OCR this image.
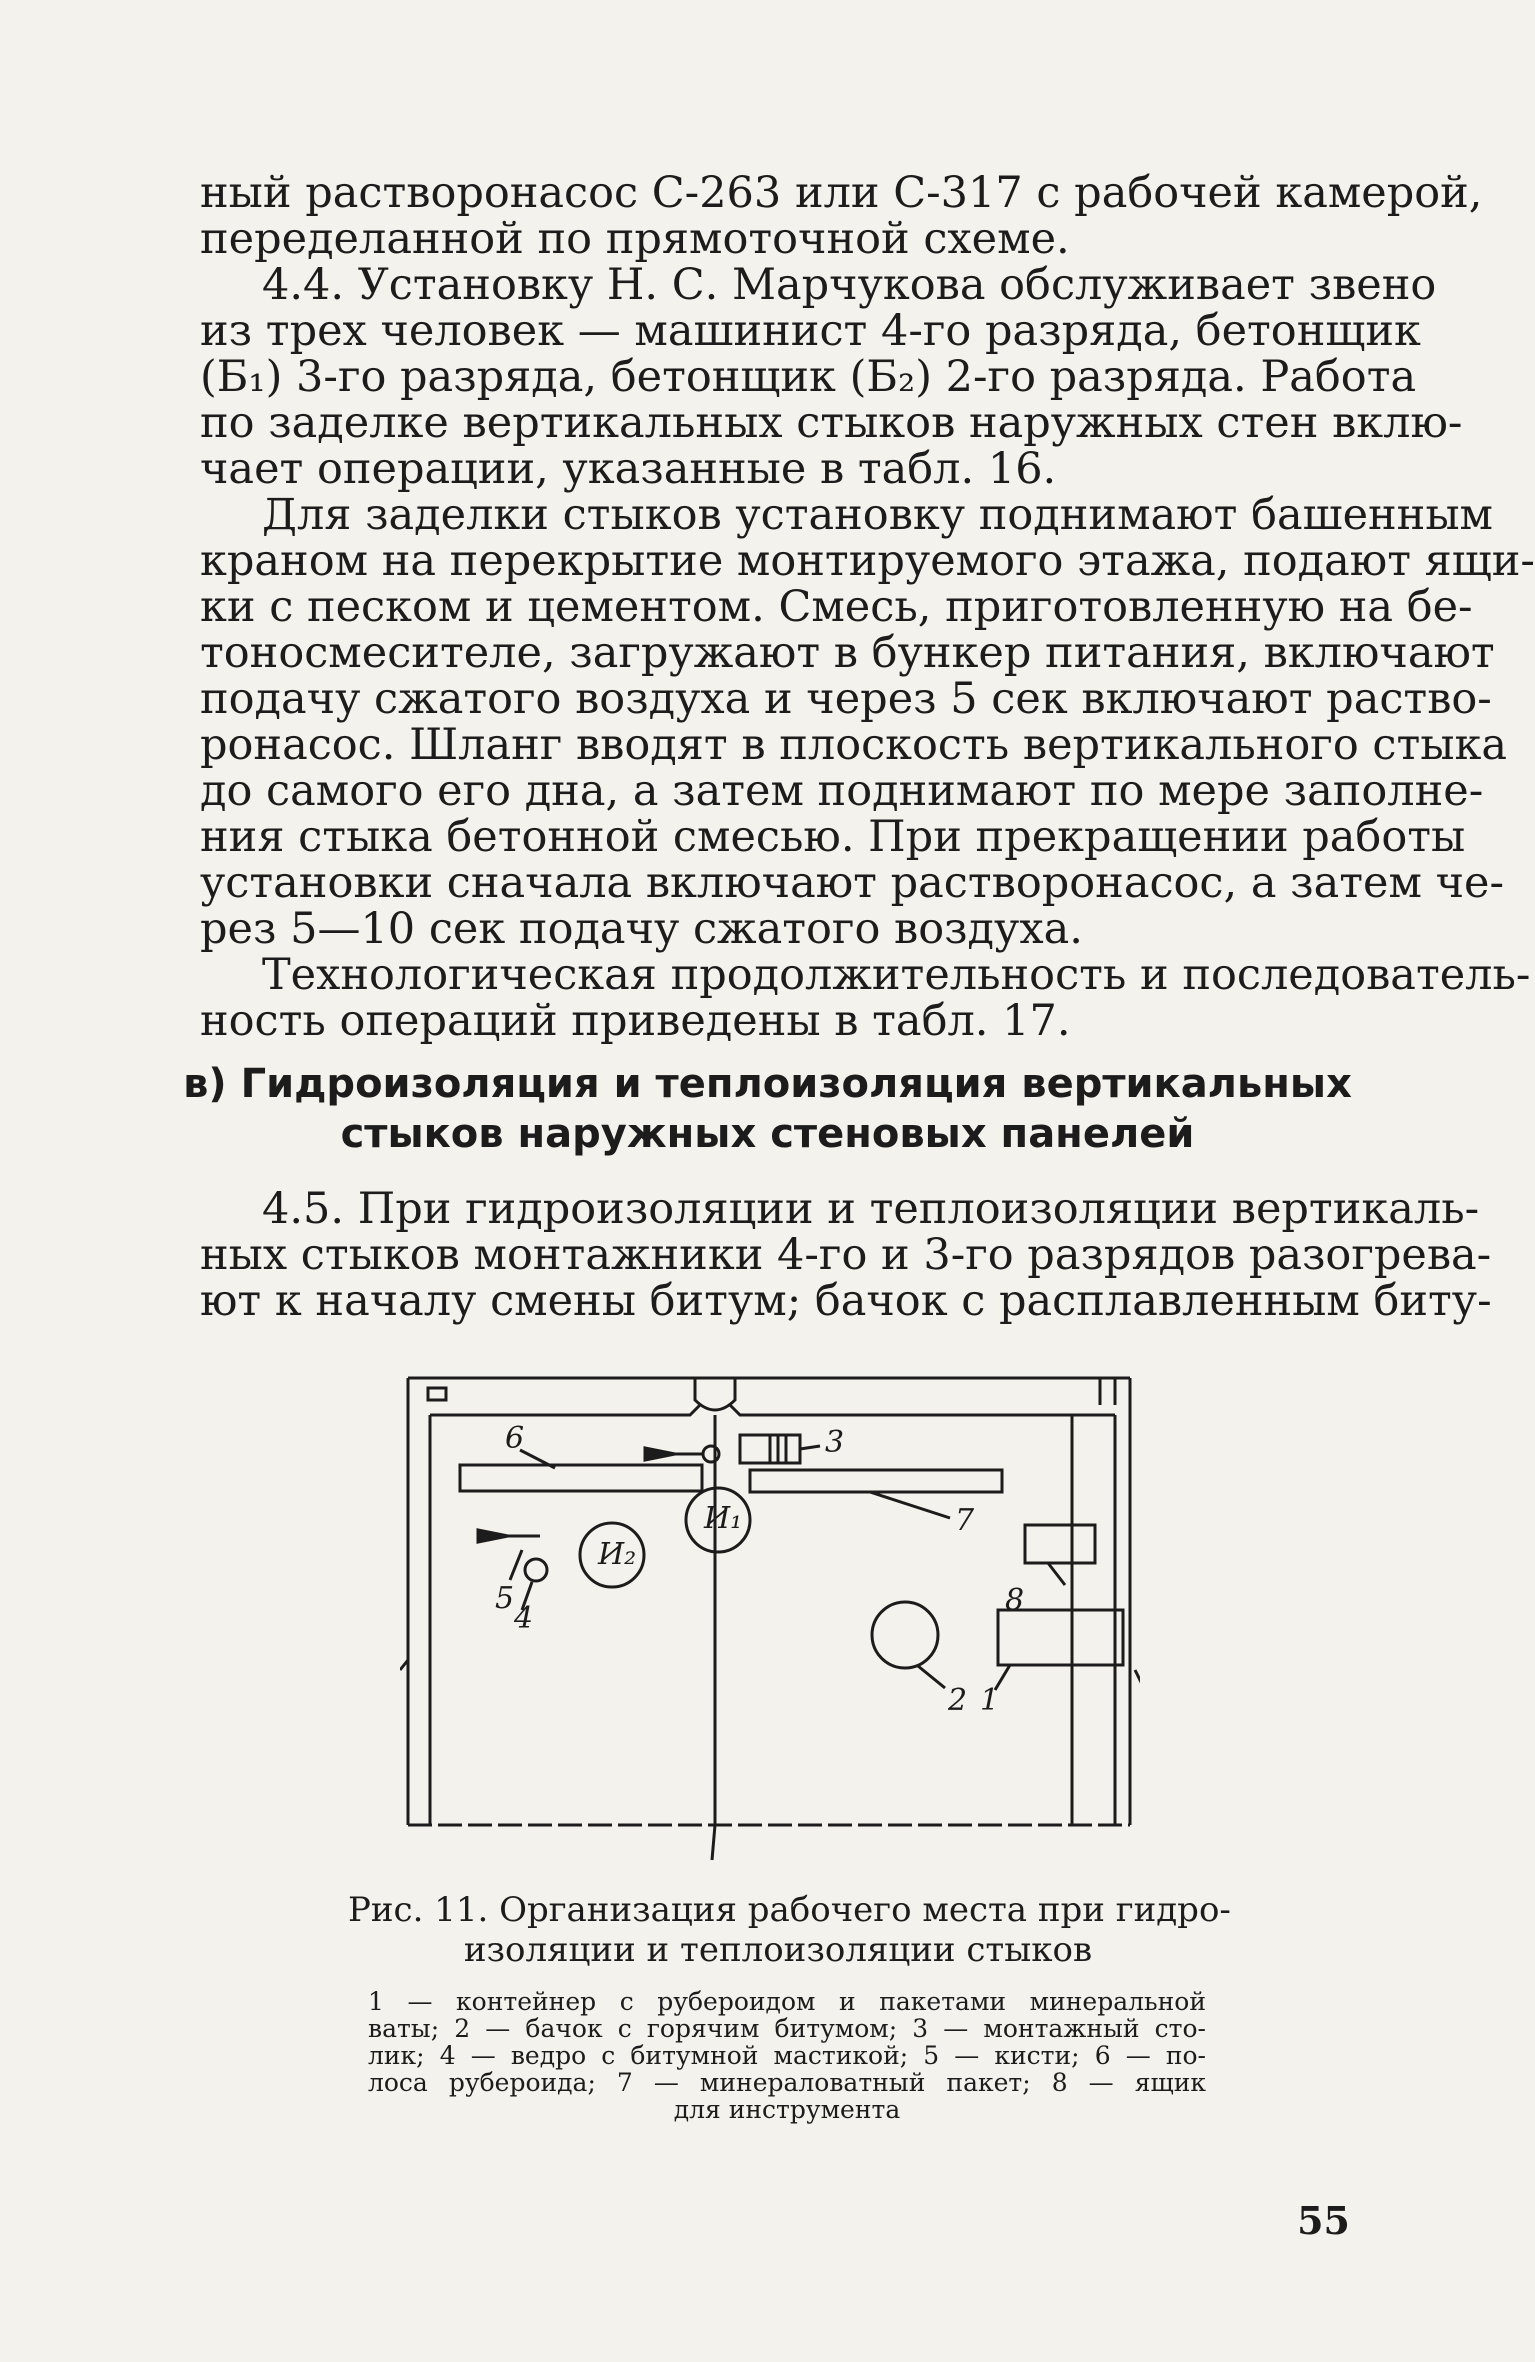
ный растворонасос С-263 или С-317 с рабочей камерой,
переделанной по прямоточной схеме.
4.4. Установку Н. С. Марчукова обслуживает звено
из трех человек — машинист 4-го разряда, бетонщик
(Б₁) 3-го разряда, бетонщик (Б₂) 2-го разряда. Работа
по заделке вертикальных стыков наружных стен вклю-
чает операции, указанные в табл. 16.
Для заделки стыков установку поднимают башенным
краном на перекрытие монтируемого этажа, подают ящи-
ки с песком и цементом. Смесь, приготовленную на бе-
тоносмесителе, загружают в бункер питания, включают
подачу сжатого воздуха и через 5 сек включают раство-
ронасос. Шланг вводят в плоскость вертикального стыка
до самого его дна, а затем поднимают по мере заполне-
ния стыка бетонной смесью. При прекращении работы
установки сначала включают растворонасос, а затем че-
рез 5—10 сек подачу сжатого воздуха.
Технологическая продолжительность и последователь-
ность операций приведены в табл. 17.
в) Гидроизоляция и теплоизоляция вертикальных
стыков наружных стеновых панелей
4.5. При гидроизоляции и теплоизоляции вертикаль-
ных стыков монтажники 4-го и 3-го разрядов разогрева-
ют к началу смены битум; бачок с расплавленным биту-
6	3
7
И₁
И₂
5
4
8
1
2
Рис. 11. Организация рабочего места при гидро-
изоляции и теплоизоляции стыков
1 — контейнер с рубероидом и пакетами минеральной
ваты; 2 — бачок с горячим битумом; 3 — монтажный сто-
лик; 4 — ведро с битумной мастикой; 5 — кисти; 6 — по-
лоса рубероида; 7 — минераловатный пакет; 8 — ящик
для инструмента
55
